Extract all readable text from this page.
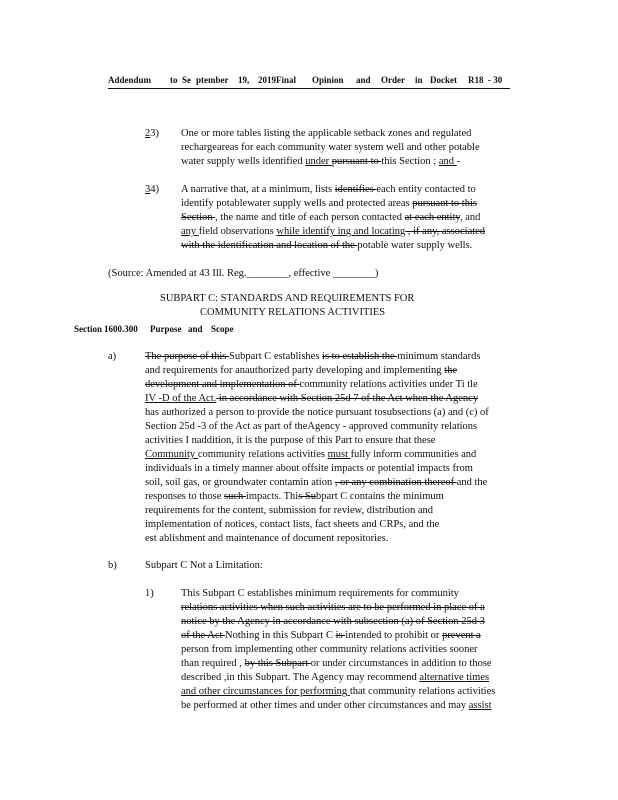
Addendum to Se ptember 19, 2019Final Opinion and Order in Docket R18 - 30
23) One or more tables listing the applicable setback zones and regulated
rechargeareas for each community water system well and other potable
water supply wells identified under pursuant to this Section ; and -
34) A narrative that, at a minimum, lists identifies each entity contacted to
identify potablewater supply wells and protected areas pursuant to this
Section , the name and title of each person contacted at each entity, and
any field observations while identify ing and locating , if any, associated
with the identification and location of the potable water supply wells.
(Source: Amended at 43 Ill. Reg.________, effective ________)
SUBPART C: STANDARDS AND REQUIREMENTS FOR
COMMUNITY RELATIONS ACTIVITIES
Section 1600.300 Purpose and Scope
a)	The purpose of this Subpart C establishes is to establish the minimum standards
and requirements for anauthorized party developing and implementing the
development and implementation of community relations activities under Ti tle
IV -D of the Act. in accordance with Section 25d 7 of the Act when the Agency
has authorized a person to provide the notice pursuant tosubsections (a) and (c) of
Section 25d -3 of the Act as part of theAgency - approved community relations
activities I naddition, it is the purpose of this Part to ensure that these
Community community relations activities must fully inform communities and
individuals in a timely manner about offsite impacts or potential impacts from
soil, soil gas, or groundwater contamin ation , or any combination thereof and the
responses to those such impacts. This Subpart C contains the minimum
requirements for the content, submission for review, distribution and
implementation of notices, contact lists, fact sheets and CRPs, and the
est ablishment and maintenance of document repositories.
b)	Subpart C Not a Limitation:
1)	This Subpart C establishes minimum requirements for community
relations activities when such activities are to be performed in place of a
notice by the Agency in accordance with subsection (a) of Section 25d 3
of the Act Nothing in this Subpart C is intended to prohibit or prevent a
person from implementing other community relations activities sooner
than required , by this Subpart or under circumstances in addition to those
described ,in this Subpart. The Agency may recommend alternative times
and other circumstances for performing that community relations activities
be performed at other times and under other circumstances and may assist
